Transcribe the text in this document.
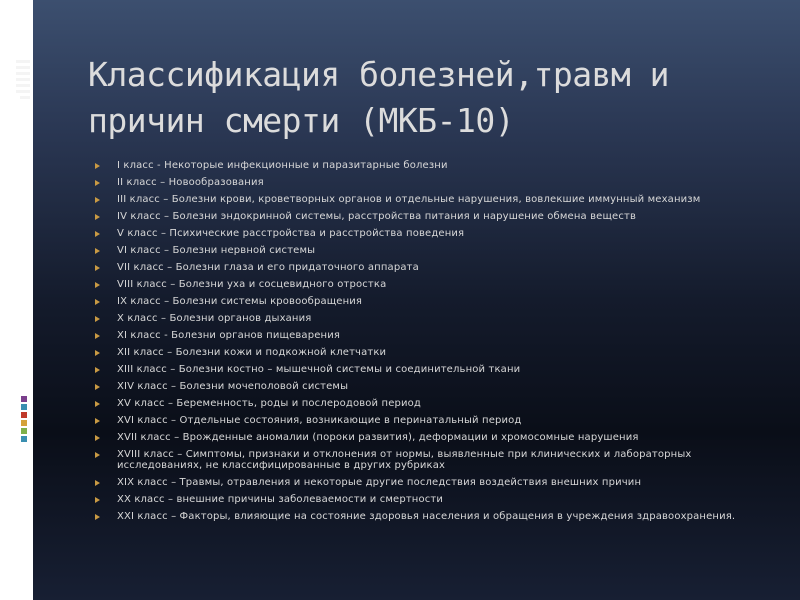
Классификация болезней,травм и причин смерти (МКБ-10)
I класс - Некоторые инфекционные и паразитарные болезни
II класс – Новообразования
III класс – Болезни крови, кроветворных органов и отдельные нарушения, вовлекшие иммунный механизм
IV класс – Болезни эндокринной системы, расстройства питания и нарушение обмена веществ
V класс – Психические расстройства и расстройства поведения
VI класс – Болезни нервной системы
VII класс – Болезни глаза и его придаточного аппарата
VIII класс – Болезни уха и сосцевидного отростка
IX класс – Болезни системы кровообращения
X класс – Болезни органов дыхания
XI класс - Болезни органов пищеварения
XII класс – Болезни кожи и подкожной клетчатки
XIII класс – Болезни костно – мышечной системы и соединительной ткани
XIV класс – Болезни мочеполовой системы
XV класс – Беременность, роды и послеродовой период
XVI класс – Отдельные состояния, возникающие в перинатальный период
XVII класс – Врожденные аномалии (пороки развития), деформации и хромосомные нарушения
XVIII класс – Симптомы, признаки и отклонения от нормы, выявленные при клинических и лабораторных исследованиях, не классифицированные в других рубриках
XIX класс – Травмы, отравления и некоторые другие последствия воздействия внешних причин
XX класс – внешние причины заболеваемости и смертности
XXI класс – Факторы, влияющие на состояние здоровья населения и обращения в учреждения здравоохранения.
